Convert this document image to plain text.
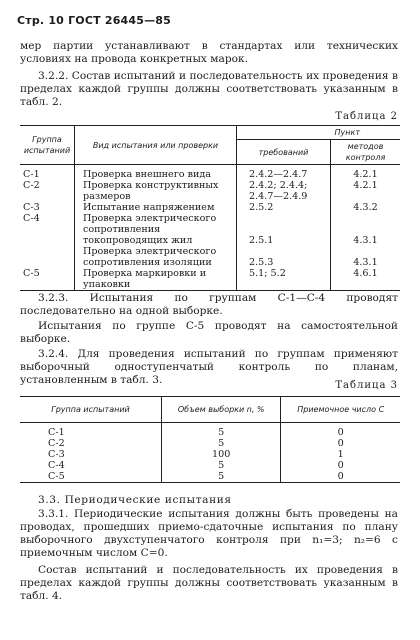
Стр. 10 ГОСТ 26445—85
мер партии устанавливают в стандартах или технических условиях на провода конкретных марок.
3.2.2. Состав испытаний и последовательность их проведения в пределах каждой группы должны соответствовать указанным в табл. 2.
Таблица 2
Группа испытаний	Вид испытания или проверки	Пункт	
		требований	методов контроля

С-1	Проверка внешнего вида	2.4.2—2.4.7	4.2.1
С-2	Проверка конструктивных размеров	2.4.2; 2.4.4; 2.4.7—2.4.9	4.2.1
С-3	Испытание напряжением	2.5.2	4.3.2
С-4	Проверка электрического сопротивления токопроводящих жил	2.5.1	4.3.1
	Проверка электрического сопротивления изоляции	2.5.3	4.3.1
С-5	Проверка маркировки и упаковки	5.1; 5.2	4.6.1
3.2.3. Испытания по группам С-1—С-4 проводят последовательно на одной выборке.
Испытания по группе С-5 проводят на самостоятельной выборке.
3.2.4. Для проведения испытаний по группам применяют выборочный одноступенчатый контроль по планам, установленным в табл. 3.	Таблица 3
Группа испытаний	Объем выборки n, %	Приемочное число C

С-1	5	0
С-2	5	0
С-3	100	1
С-4	5	0
С-5	5	0
3.3. Периодические испытания
3.3.1. Периодические испытания должны быть проведены на проводах, прошедших приемо-сдаточные испытания по плану выборочного двухступенчатого контроля при n₁=3; n₂=6 с приемочным числом C=0.
Состав испытаний и последовательность их проведения в пределах каждой группы должны соответствовать указанным в табл. 4.
